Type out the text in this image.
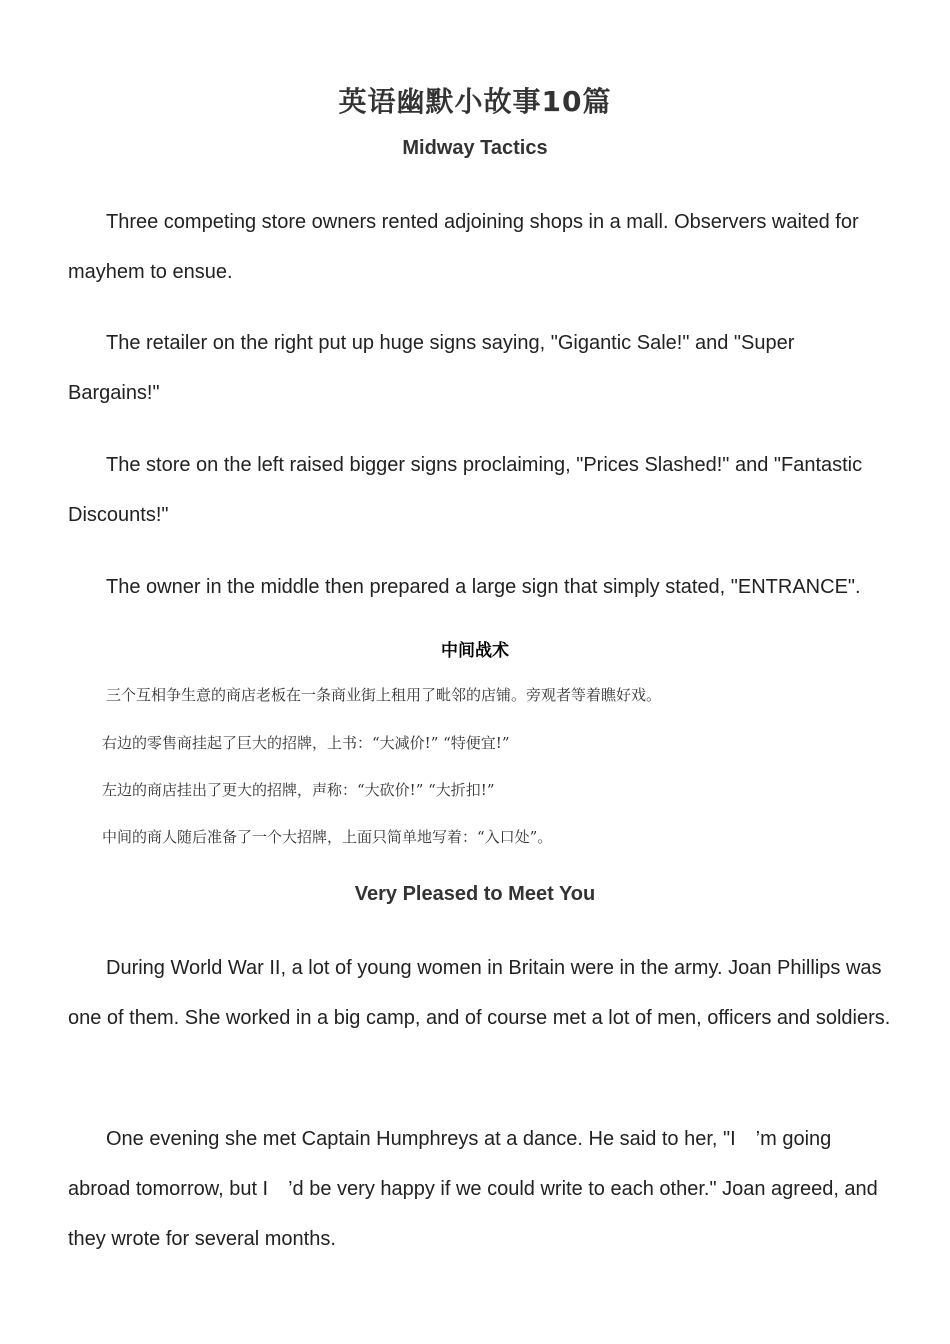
英语幽默小故事10篇
Midway Tactics

Three competing store owners rented adjoining shops in a mall. Observers waited for mayhem to ensue.

The retailer on the right put up huge signs saying, "Gigantic Sale!" and "Super Bargains!"

The store on the left raised bigger signs proclaiming, "Prices Slashed!" and "Fantastic Discounts!"

The owner in the middle then prepared a large sign that simply stated, "ENTRANCE".

中间战术
三个互相争生意的商店老板在一条商业街上租用了毗邻的店铺。旁观者等着瞧好戏。
右边的零售商挂起了巨大的招牌，上书：“大减价!” “特便宜!”
左边的商店挂出了更大的招牌，声称：“大砍价!” “大折扣!”
中间的商人随后准备了一个大招牌，上面只简单地写着：“入口处”。
Very Pleased to Meet You

During World War II, a lot of young women in Britain were in the army. Joan Phillips was one of them. She worked in a big camp, and of course met a lot of men, officers and soldiers.

One evening she met Captain Humphreys at a dance. He said to her, "I　’m going abroad tomorrow, but I　’d be very happy if we could write to each other." Joan agreed, and they wrote for several months.
